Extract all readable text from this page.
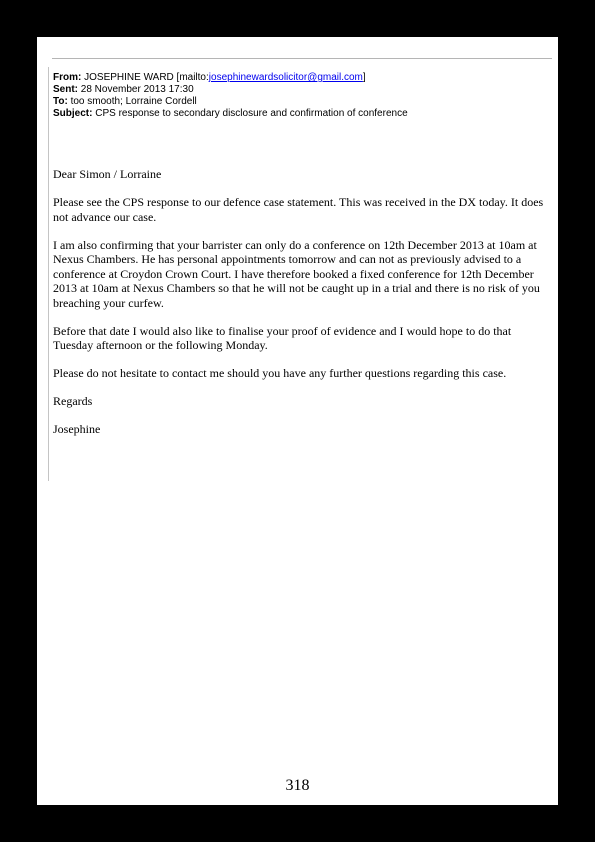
From: JOSEPHINE WARD [mailto:josephinewardsolicitor@gmail.com]
Sent: 28 November 2013 17:30
To: too smooth; Lorraine Cordell
Subject: CPS response to secondary disclosure and confirmation of conference

Dear Simon / Lorraine

Please see the CPS response to our defence case statement. This was received in the DX today. It does not advance our case.

I am also confirming that your barrister can only do a conference on 12th December 2013 at 10am at Nexus Chambers. He has personal appointments tomorrow and can not as previously advised to a conference at Croydon Crown Court. I have therefore booked a fixed conference for 12th December 2013 at 10am at Nexus Chambers so that he will not be caught up in a trial and there is no risk of you breaching your curfew.

Before that date I would also like to finalise your proof of evidence and I would hope to do that Tuesday afternoon or the following Monday.

Please do not hesitate to contact me should you have any further questions regarding this case.

Regards

Josephine

318
